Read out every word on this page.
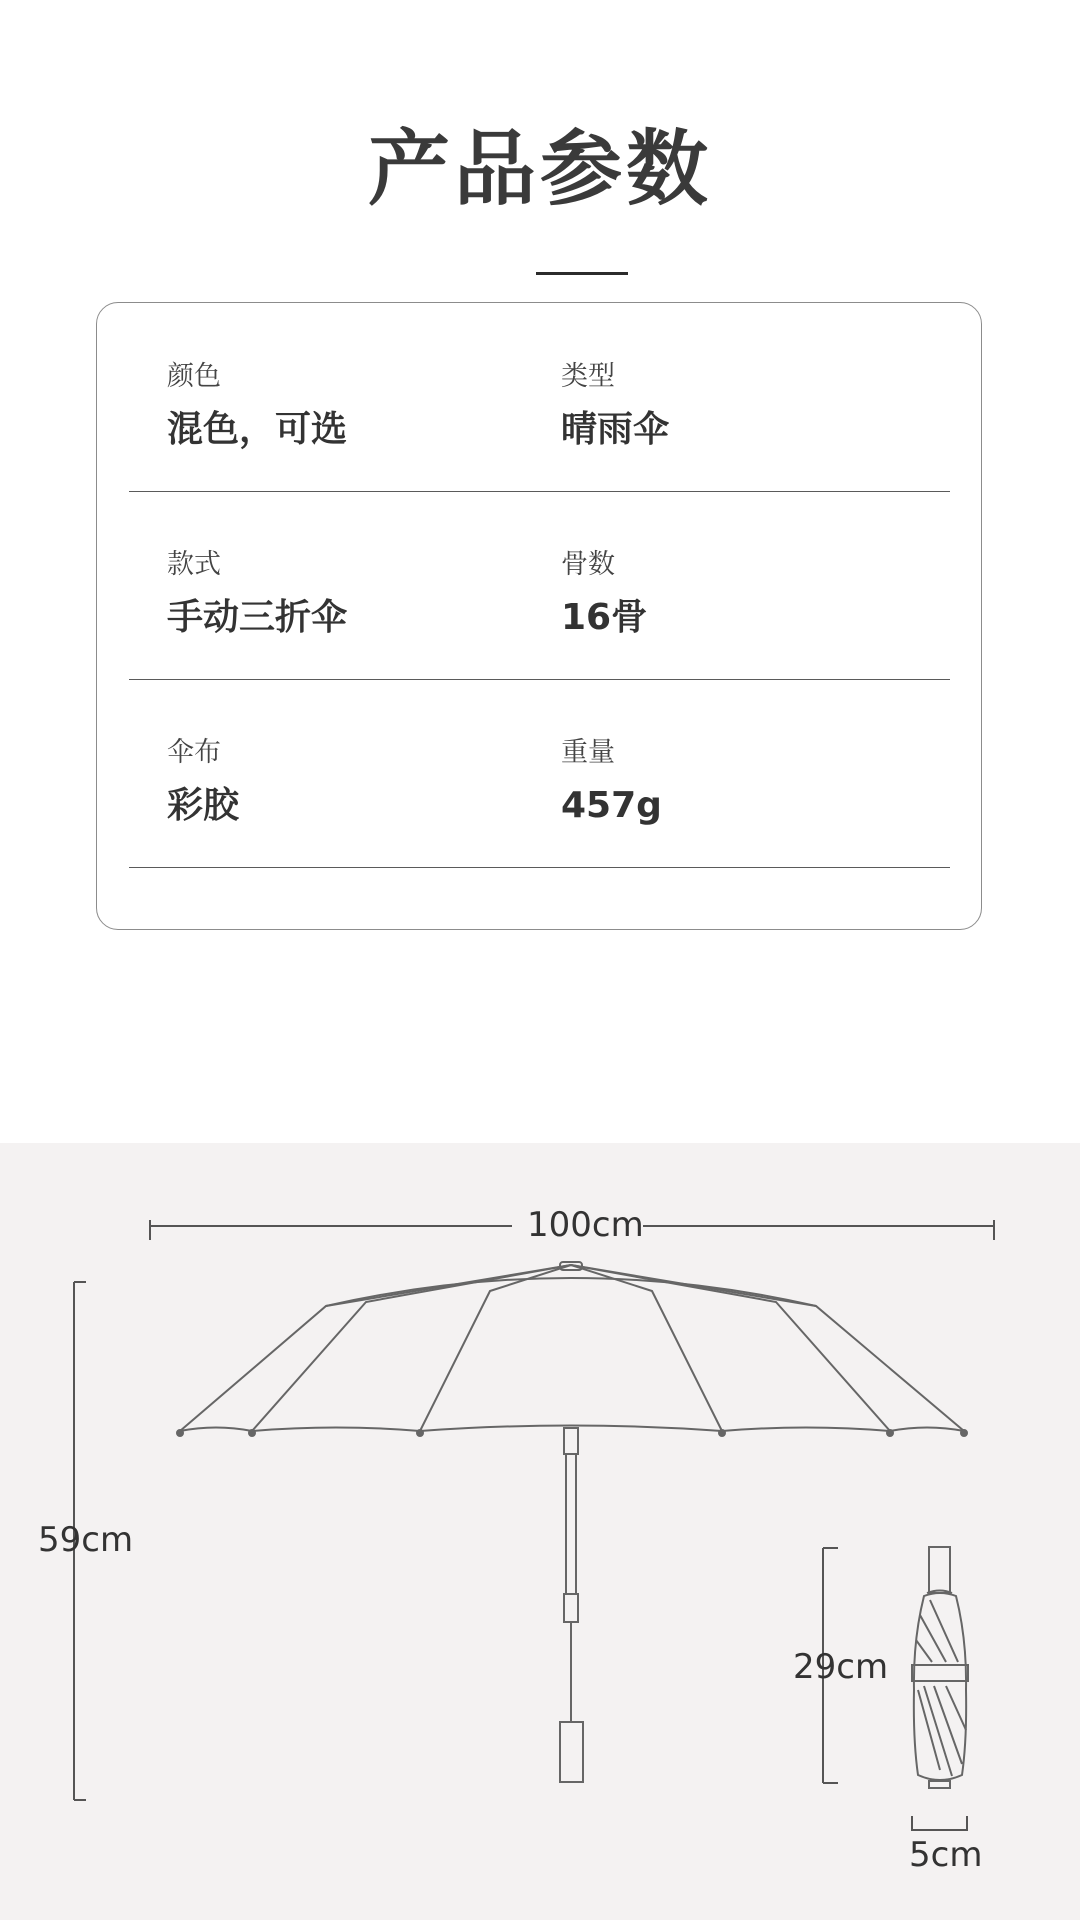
产品参数
颜色
混色，可选
类型
晴雨伞
款式
手动三折伞
骨数
16骨
伞布
彩胶
重量
457g
100cm
59cm
29cm
5cm
